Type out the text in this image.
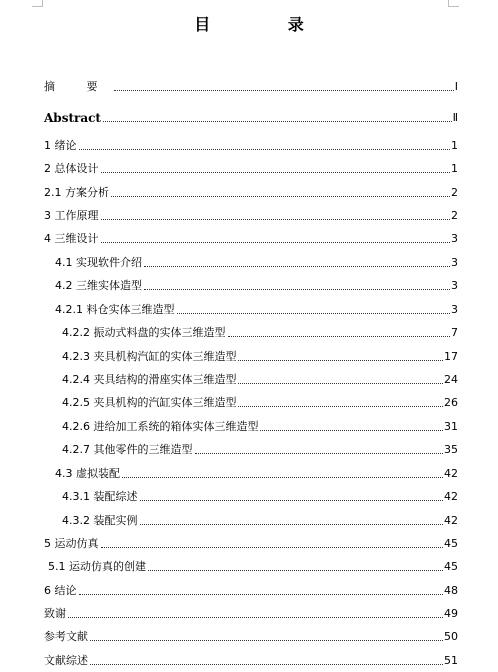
目 录
摘 要	Ⅰ
Abstract	Ⅱ
1 绪论	1
2 总体设计	1
2.1 方案分析	2
3 工作原理	2
4 三维设计	3
4.1 实现软件介绍	3
4.2 三维实体造型	3
4.2.1 料仓实体三维造型	3
4.2.2 振动式料盘的实体三维造型	7
4.2.3 夹具机构汽缸的实体三维造型	17
4.2.4 夹具结构的滑座实体三维造型	24
4.2.5 夹具机构的汽缸实体三维造型	26
4.2.6 进给加工系统的箱体实体三维造型	31
4.2.7 其他零件的三维造型	35
4.3 虚拟装配	42
4.3.1 装配综述	42
4.3.2 装配实例	42
5 运动仿真	45
5.1 运动仿真的创建	45
6 结论	48
致谢	49
参考文献	50
文献综述	51
